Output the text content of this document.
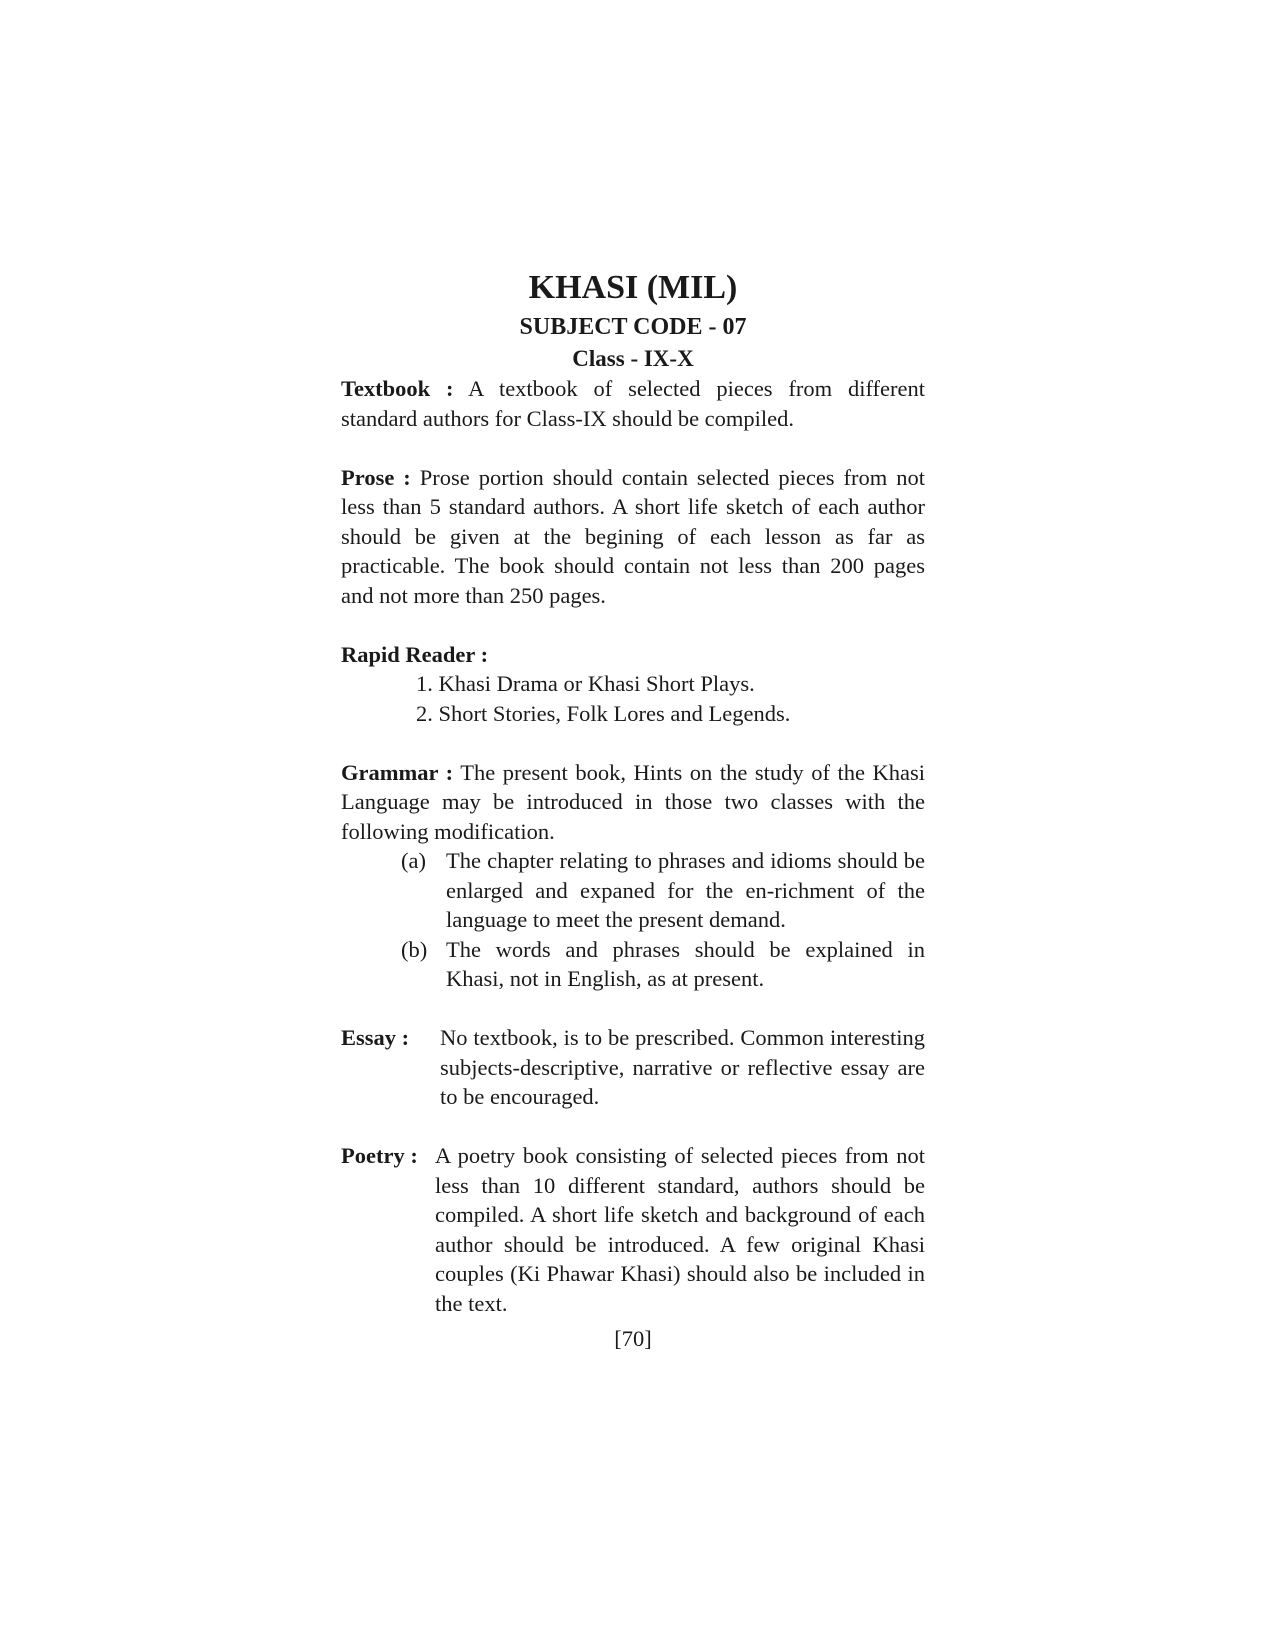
KHASI (MIL)
SUBJECT CODE - 07
Class - IX-X

Textbook : A textbook of selected pieces from different standard authors for Class-IX should be compiled.

Prose : Prose portion should contain selected pieces from not less than 5 standard authors. A short life sketch of each author should be given at the begining of each lesson as far as practicable. The book should contain not less than 200 pages and not more than 250 pages.

Rapid Reader :
1. Khasi Drama or Khasi Short Plays.
2. Short Stories, Folk Lores and Legends.

Grammar : The present book, Hints on the study of the Khasi Language may be introduced in those two classes with the following modification.

(a) The chapter relating to phrases and idioms should be enlarged and expaned for the en-richment of the language to meet the present demand.
(b) The words and phrases should be explained in Khasi, not in English, as at present.
Essay :	No textbook, is to be prescribed. Common interesting subjects-descriptive, narrative or reflective essay are to be encouraged.
Poetry : A poetry book consisting of selected pieces from not less than 10 different standard, authors should be compiled. A short life sketch and background of each author should be introduced. A few original Khasi couples (Ki Phawar Khasi) should also be included in the text.
[70]
